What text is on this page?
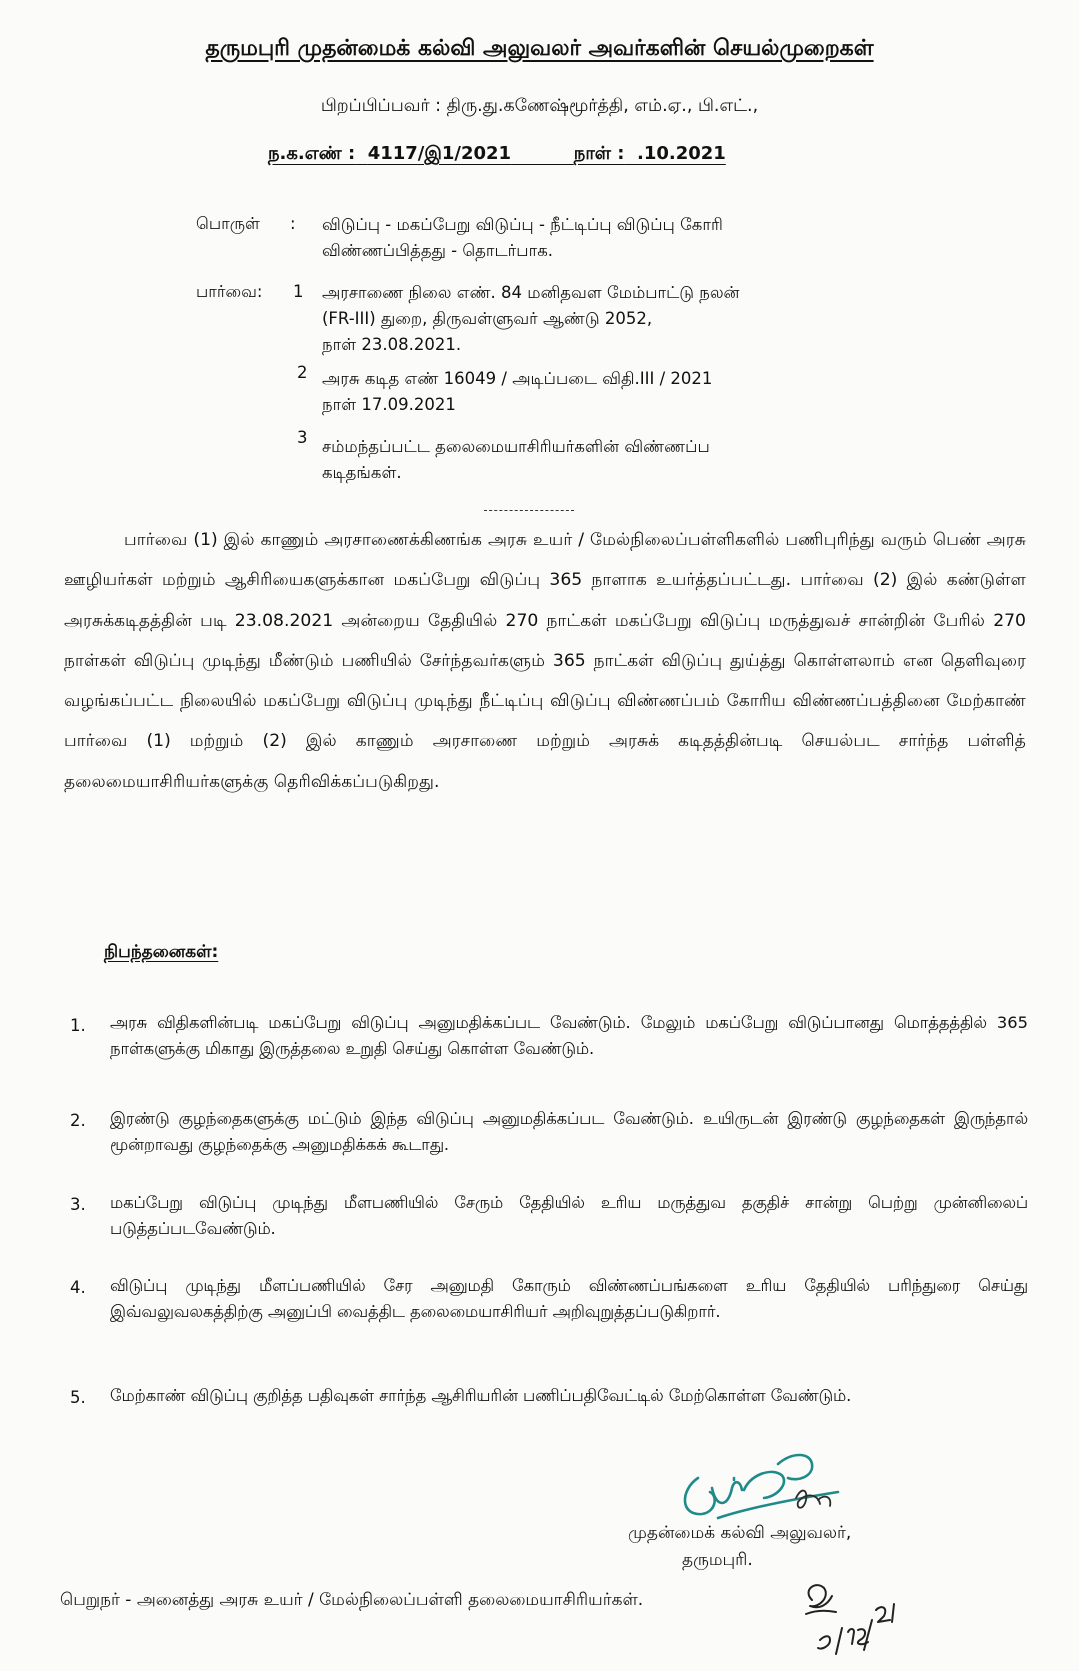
தருமபுரி முதன்மைக் கல்வி அலுவலர் அவர்களின் செயல்முறைகள்
பிறப்பிப்பவர் : திரு.து.கணேஷ்மூர்த்தி, எம்.ஏ., பி.எட்.,
ந.க.எண் : 4117/இ1/2021	நாள் : .10.2021
பொருள் : விடுப்பு - மகப்பேறு விடுப்பு - நீட்டிப்பு விடுப்பு கோரி
விண்ணப்பித்தது - தொடர்பாக.
பார்வை: 1 அரசாணை நிலை எண். 84 மனிதவள மேம்பாட்டு நலன்
(FR-III) துறை, திருவள்ளுவர் ஆண்டு 2052,
நாள் 23.08.2021.
2 அரசு கடித எண் 16049 / அடிப்படை விதி.III / 2021
நாள் 17.09.2021
3 சம்மந்தப்பட்ட தலைமையாசிரியர்களின் விண்ணப்ப
கடிதங்கள்.

பார்வை (1) இல் காணும் அரசாணைக்கிணங்க அரசு உயர் / மேல்நிலைப்பள்ளிகளில் பணிபுரிந்து வரும் பெண் அரசு ஊழியர்கள் மற்றும் ஆசிரியைகளுக்கான மகப்பேறு விடுப்பு 365 நாளாக உயர்த்தப்பட்டது. பார்வை (2) இல் கண்டுள்ள அரசுக்கடிதத்தின் படி 23.08.2021 அன்றைய தேதியில் 270 நாட்கள் மகப்பேறு விடுப்பு மருத்துவச் சான்றின் பேரில் 270 நாள்கள் விடுப்பு முடிந்து மீண்டும் பணியில் சேர்ந்தவர்களும் 365 நாட்கள் விடுப்பு துய்த்து கொள்ளலாம் என தெளிவுரை வழங்கப்பட்ட நிலையில் மகப்பேறு விடுப்பு முடிந்து நீட்டிப்பு விடுப்பு விண்ணப்பம் கோரிய விண்ணப்பத்தினை மேற்காண் பார்வை (1) மற்றும் (2) இல் காணும் அரசாணை மற்றும் அரசுக் கடிதத்தின்படி செயல்பட சார்ந்த பள்ளித் தலைமையாசிரியர்களுக்கு தெரிவிக்கப்படுகிறது.

நிபந்தனைகள்:
1. அரசு விதிகளின்படி மகப்பேறு விடுப்பு அனுமதிக்கப்பட வேண்டும். மேலும் மகப்பேறு விடுப்பானது மொத்தத்தில் 365 நாள்களுக்கு மிகாது இருத்தலை உறுதி செய்து கொள்ள வேண்டும்.
2. இரண்டு குழந்தைகளுக்கு மட்டும் இந்த விடுப்பு அனுமதிக்கப்பட வேண்டும். உயிருடன் இரண்டு குழந்தைகள் இருந்தால் மூன்றாவது குழந்தைக்கு அனுமதிக்கக் கூடாது.
3. மகப்பேறு விடுப்பு முடிந்து மீளபணியில் சேரும் தேதியில் உரிய மருத்துவ தகுதிச் சான்று பெற்று முன்னிலைப் படுத்தப்படவேண்டும்.
4. விடுப்பு முடிந்து மீளப்பணியில் சேர அனுமதி கோரும் விண்ணப்பங்களை உரிய தேதியில் பரிந்துரை செய்து இவ்வலுவலகத்திற்கு அனுப்பி வைத்திட தலைமையாசிரியர் அறிவுறுத்தப்படுகிறார்.
5. மேற்காண் விடுப்பு குறித்த பதிவுகள் சார்ந்த ஆசிரியரின் பணிப்பதிவேட்டில் மேற்கொள்ள வேண்டும்.
முதன்மைக் கல்வி அலுவலர்,
தருமபுரி.
பெறுநர் - அனைத்து அரசு உயர் / மேல்நிலைப்பள்ளி தலைமையாசிரியர்கள்.
